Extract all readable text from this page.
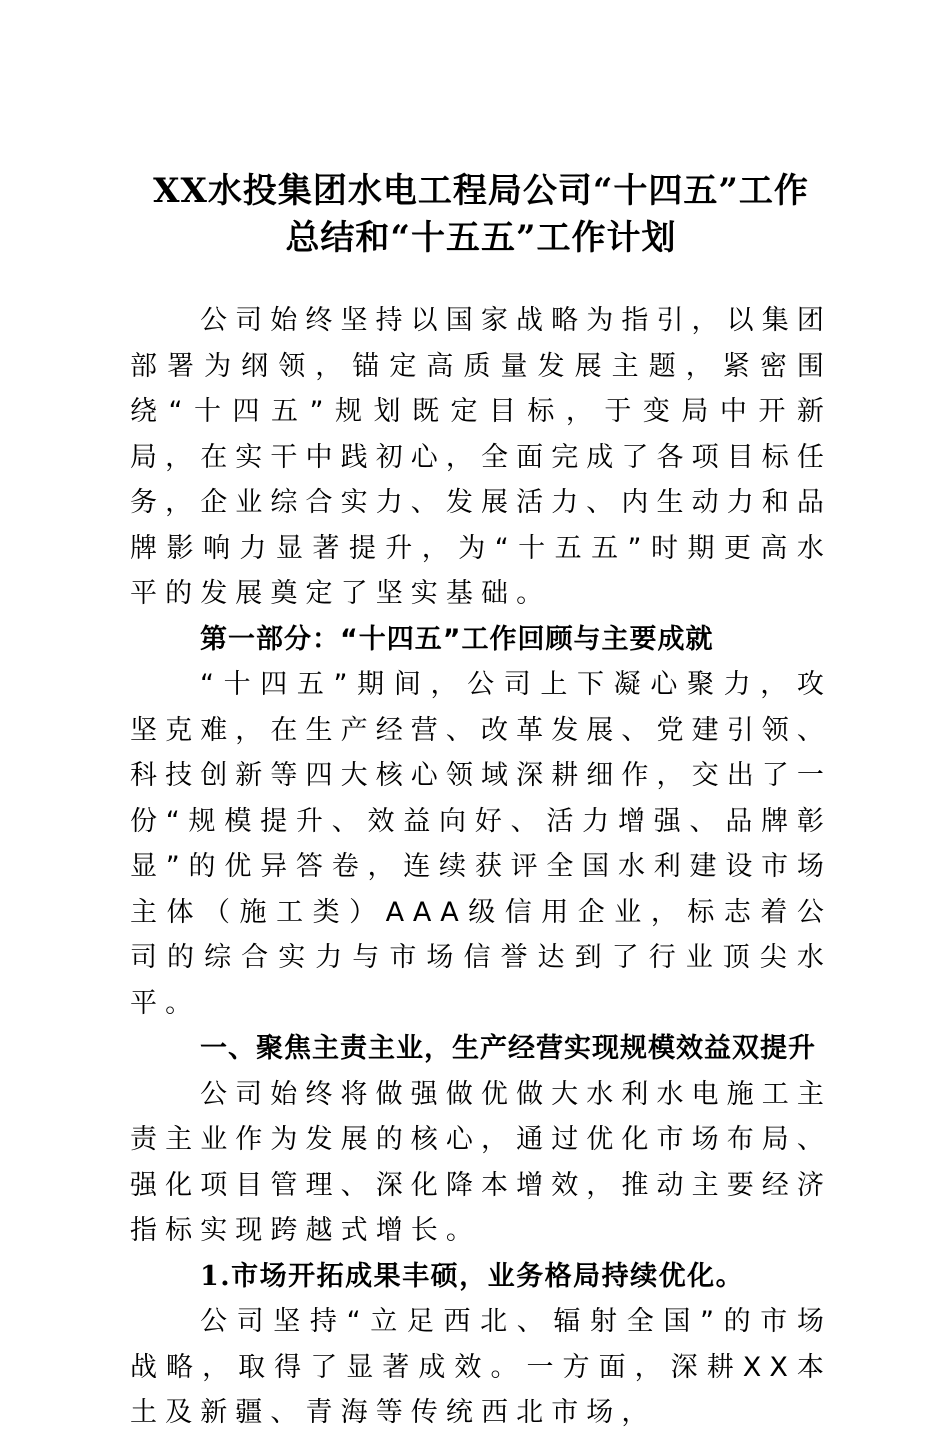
XX水投集团水电工程局公司“十四五”工作
总结和“十五五”工作计划

公司始终坚持以国家战略为指引，以集团部署为纲领，锚定高质量发展主题，紧密围绕“十四五”规划既定目标，于变局中开新局，在实干中践初心，全面完成了各项目标任务，企业综合实力、发展活力、内生动力和品牌影响力显著提升，为“十五五”时期更高水平的发展奠定了坚实基础。

第一部分：“十四五”工作回顾与主要成就

“十四五”期间，公司上下凝心聚力，攻坚克难，在生产经营、改革发展、党建引领、科技创新等四大核心领域深耕细作，交出了一份“规模提升、效益向好、活力增强、品牌彰显”的优异答卷，连续获评全国水利建设市场主体（施工类）AAA级信用企业，标志着公司的综合实力与市场信誉达到了行业顶尖水平。

一、聚焦主责主业，生产经营实现规模效益双提升

公司始终将做强做优做大水利水电施工主责主业作为发展的核心，通过优化市场布局、强化项目管理、深化降本增效，推动主要经济指标实现跨越式增长。

1.市场开拓成果丰硕，业务格局持续优化。

公司坚持“立足西北、辐射全国”的市场战略，取得了显著成效。一方面，深耕XX本土及新疆、青海等传统西北市场，
